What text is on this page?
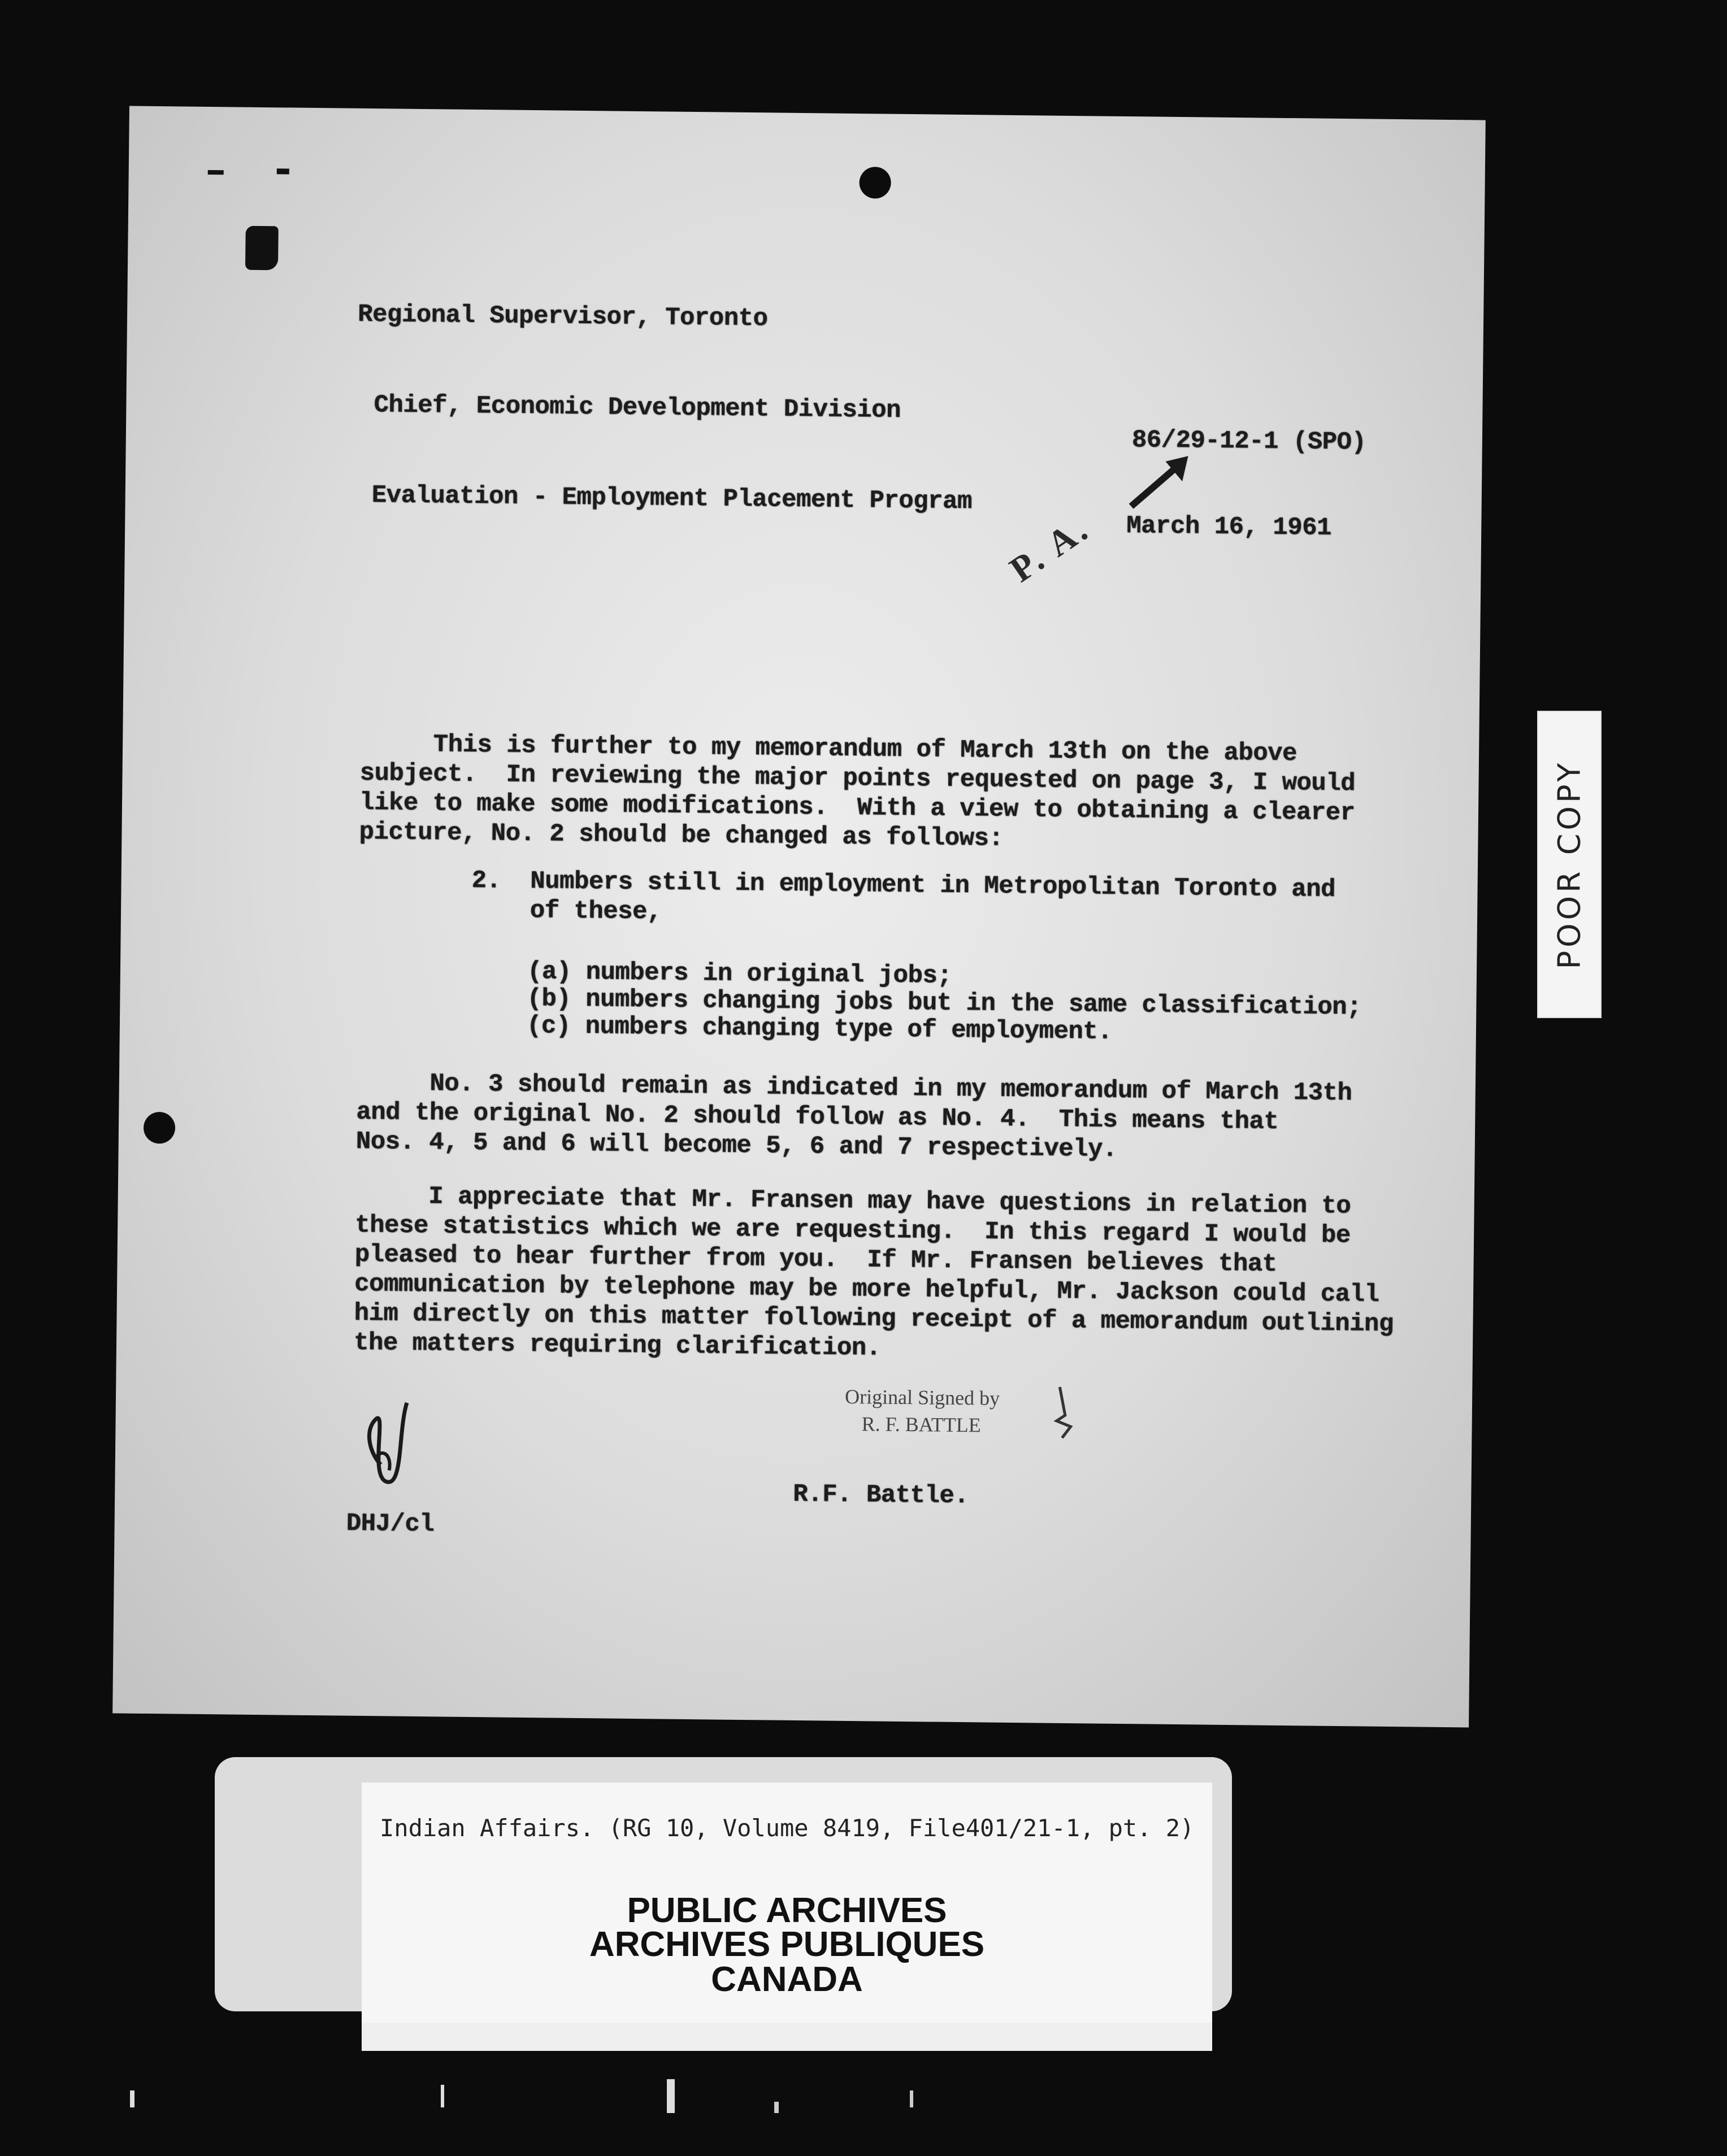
Regional Supervisor, Toronto
Chief, Economic Development Division
86/29-12-1 (SPO)
Evaluation - Employment Placement Program
March 16, 1961
P. A.
This is further to my memorandum of March 13th on the above
subject.  In reviewing the major points requested on page 3, I would
like to make some modifications.  With a view to obtaining a clearer
picture, No. 2 should be changed as follows:
2.  Numbers still in employment in Metropolitan Toronto and
of these,
(a) numbers in original jobs;
(b) numbers changing jobs but in the same classification;
(c) numbers changing type of employment.
No. 3 should remain as indicated in my memorandum of March 13th
and the original No. 2 should follow as No. 4.  This means that
Nos. 4, 5 and 6 will become 5, 6 and 7 respectively.
I appreciate that Mr. Fransen may have questions in relation to
these statistics which we are requesting.  In this regard I would be
pleased to hear further from you.  If Mr. Fransen believes that
communication by telephone may be more helpful, Mr. Jackson could call
him directly on this matter following receipt of a memorandum outlining
the matters requiring clarification.
Original Signed by
R. F. BATTLE
R.F. Battle.
DHJ/cl
POOR COPY
Indian Affairs. (RG 10, Volume 8419, File401/21-1, pt. 2)
PUBLIC ARCHIVES
ARCHIVES PUBLIQUES
CANADA
